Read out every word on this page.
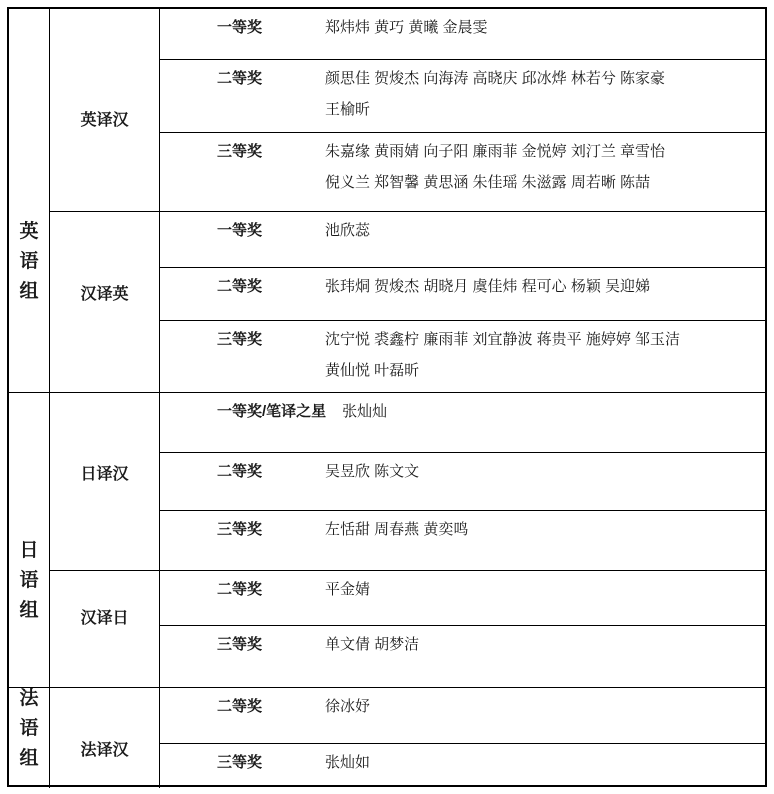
英
语
组
英译汉
一等奖	郑炜炜 黄巧 黄曦 金晨雯
二等奖	颜思佳 贺焌杰 向海涛 高晓庆 邱冰烨 林若兮 陈家豪
王榆昕
三等奖	朱嘉缘 黄雨婧 向子阳 廉雨菲 金悦婷 刘汀兰 章雪怡
倪义兰 郑智馨 黄思涵 朱佳瑶 朱滋露 周若晰 陈喆
汉译英
一等奖	池欣蕊
二等奖	张玮烔 贺焌杰 胡晓月 虞佳炜 程可心 杨颖 吴迎娣
三等奖	沈宁悦 裘鑫柠 廉雨菲 刘宜静波 蒋贵平 施婷婷 邹玉洁
黄仙悦 叶磊昕
日
语
组
日译汉
一等奖/笔译之星 张灿灿
二等奖	吴昱欣 陈文文
三等奖	左恬甜 周春燕 黄奕鸣
汉译日
二等奖	平金婧
三等奖	单文倩 胡梦洁
法
语
组	法译汉
二等奖	徐冰妤
三等奖	张灿如
